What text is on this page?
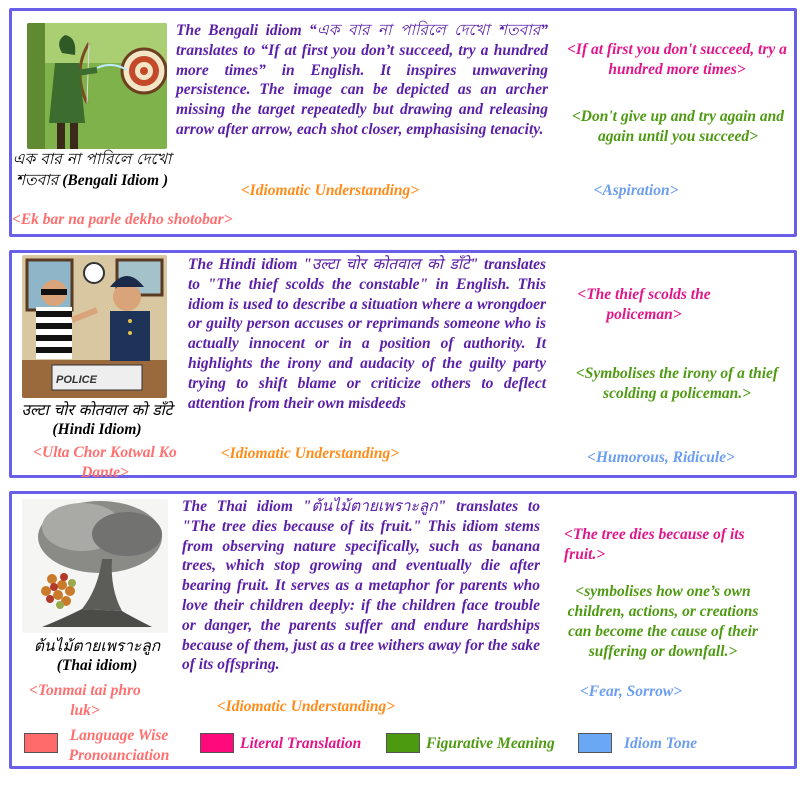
এক বার না পারিলে দেখো শতবার (Bengali Idiom )
<Ek bar na parle dekho shotobar>
The Bengali idiom “এক বার না পারিলে দেখো শতবার” translates to “If at first you don’t succeed, try a hundred more times” in English. It inspires unwavering persistence. The image can be depicted as an archer missing the target repeatedly but drawing and releasing arrow after arrow, each shot closer, emphasising tenacity.
<Idiomatic Understanding>
<If at first you don't succeed, try a hundred more times>
<Don't give up and try again and again until you succeed>
<Aspiration>
POLICE
उल्टा चोर कोतवाल को डाँटे
(Hindi Idiom)
<Ulta Chor Kotwal Ko Dante>
The Hindi idiom "उल्टा चोर कोतवाल को डाँटे" translates to "The thief scolds the constable" in English. This idiom is used to describe a situation where a wrongdoer or guilty person accuses or reprimands someone who is actually innocent or in a position of authority. It highlights the irony and audacity of the guilty party trying to shift blame or criticize others to deflect attention from their own misdeeds
<Idiomatic Understanding>
<The thief scolds the policeman>
<Symbolises the irony of a thief scolding a policeman.>
<Humorous, Ridicule>
ต้นไม้ตายเพราะลูก
(Thai idiom)
<Tonmai tai phro luk>
The Thai idiom "ต้นไม้ตายเพราะลูก" translates to "The tree dies because of its fruit." This idiom stems from observing nature specifically, such as banana trees, which stop growing and eventually die after bearing fruit. It serves as a metaphor for parents who love their children deeply: if the children face trouble or danger, the parents suffer and endure hardships because of them, just as a tree withers away for the sake of its offspring.
<Idiomatic Understanding>
<The tree dies because of its fruit.>
<symbolises how one’s own children, actions, or creations can become the cause of their suffering or downfall.>
<Fear, Sorrow>
Language Wise Pronounciation
Literal Translation	Figurative Meaning	Idiom Tone
